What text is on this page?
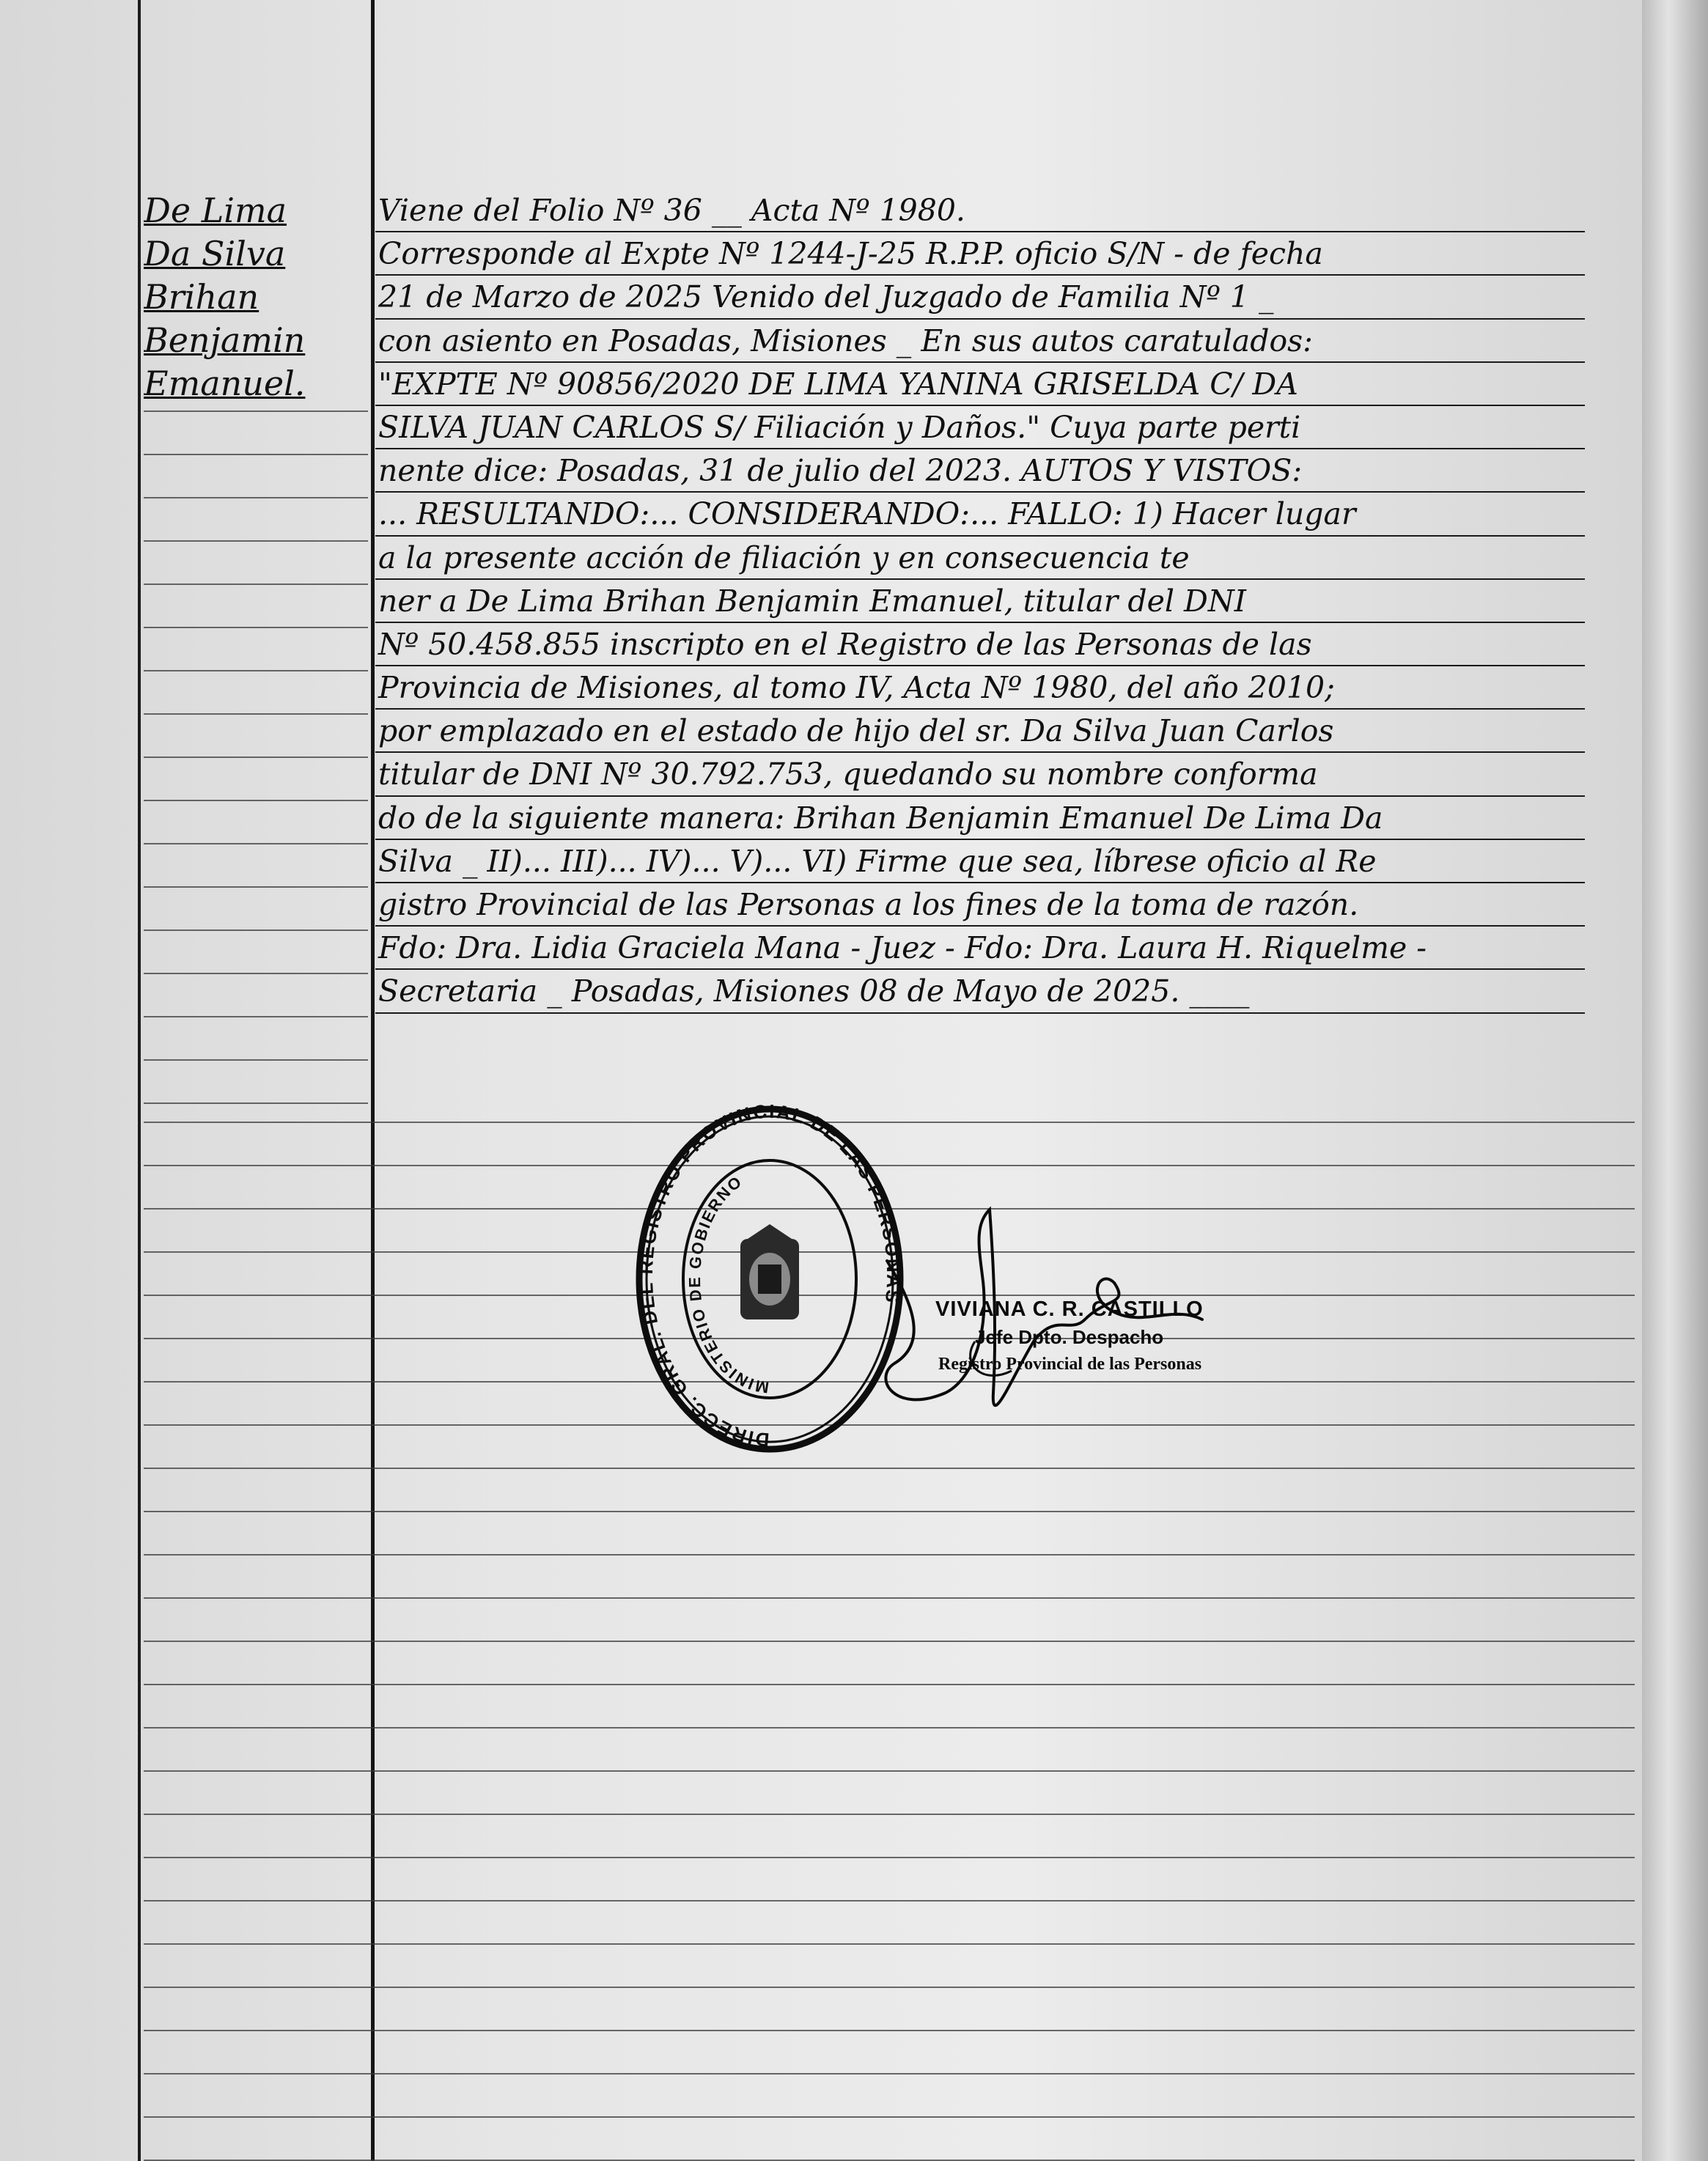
De Lima
Da Silva
Brihan
Benjamin
Emanuel.
Viene del Folio Nº 36 __ Acta Nº 1980.
Corresponde al Expte Nº 1244-J-25 R.P.P. oficio S/N - de fecha
21 de Marzo de 2025 Venido del Juzgado de Familia Nº 1 _
con asiento en Posadas, Misiones _ En sus autos caratulados:
"EXPTE Nº 90856/2020 DE LIMA YANINA GRISELDA C/ DA
SILVA JUAN CARLOS S/ Filiación y Daños." Cuya parte perti
nente dice: Posadas, 31 de julio del 2023. AUTOS Y VISTOS:
... RESULTANDO:... CONSIDERANDO:... FALLO: 1) Hacer lugar
a la presente acción de filiación y en consecuencia te
ner a De Lima Brihan Benjamin Emanuel, titular del DNI
Nº 50.458.855 inscripto en el Registro de las Personas de las
Provincia de Misiones, al tomo IV, Acta Nº 1980, del año 2010;
por emplazado en el estado de hijo del sr. Da Silva Juan Carlos
titular de DNI Nº 30.792.753, quedando su nombre conforma
do de la siguiente manera: Brihan Benjamin Emanuel De Lima Da
Silva _ II)... III)... IV)... V)... VI) Firme que sea, líbrese oficio al Re
gistro Provincial de las Personas a los fines de la toma de razón.
Fdo: Dra. Lidia Graciela Mana - Juez - Fdo: Dra. Laura H. Riquelme -
Secretaria _ Posadas, Misiones 08 de Mayo de 2025. ____
DIRECC. GRAL. DEL REGISTRO PROVINCIAL DE LAS PERSONAS
MINISTERIO DE GOBIERNO
VIVIANA C. R. CASTILLO
Jefe Dpto. Despacho
Registro Provincial de las Personas
